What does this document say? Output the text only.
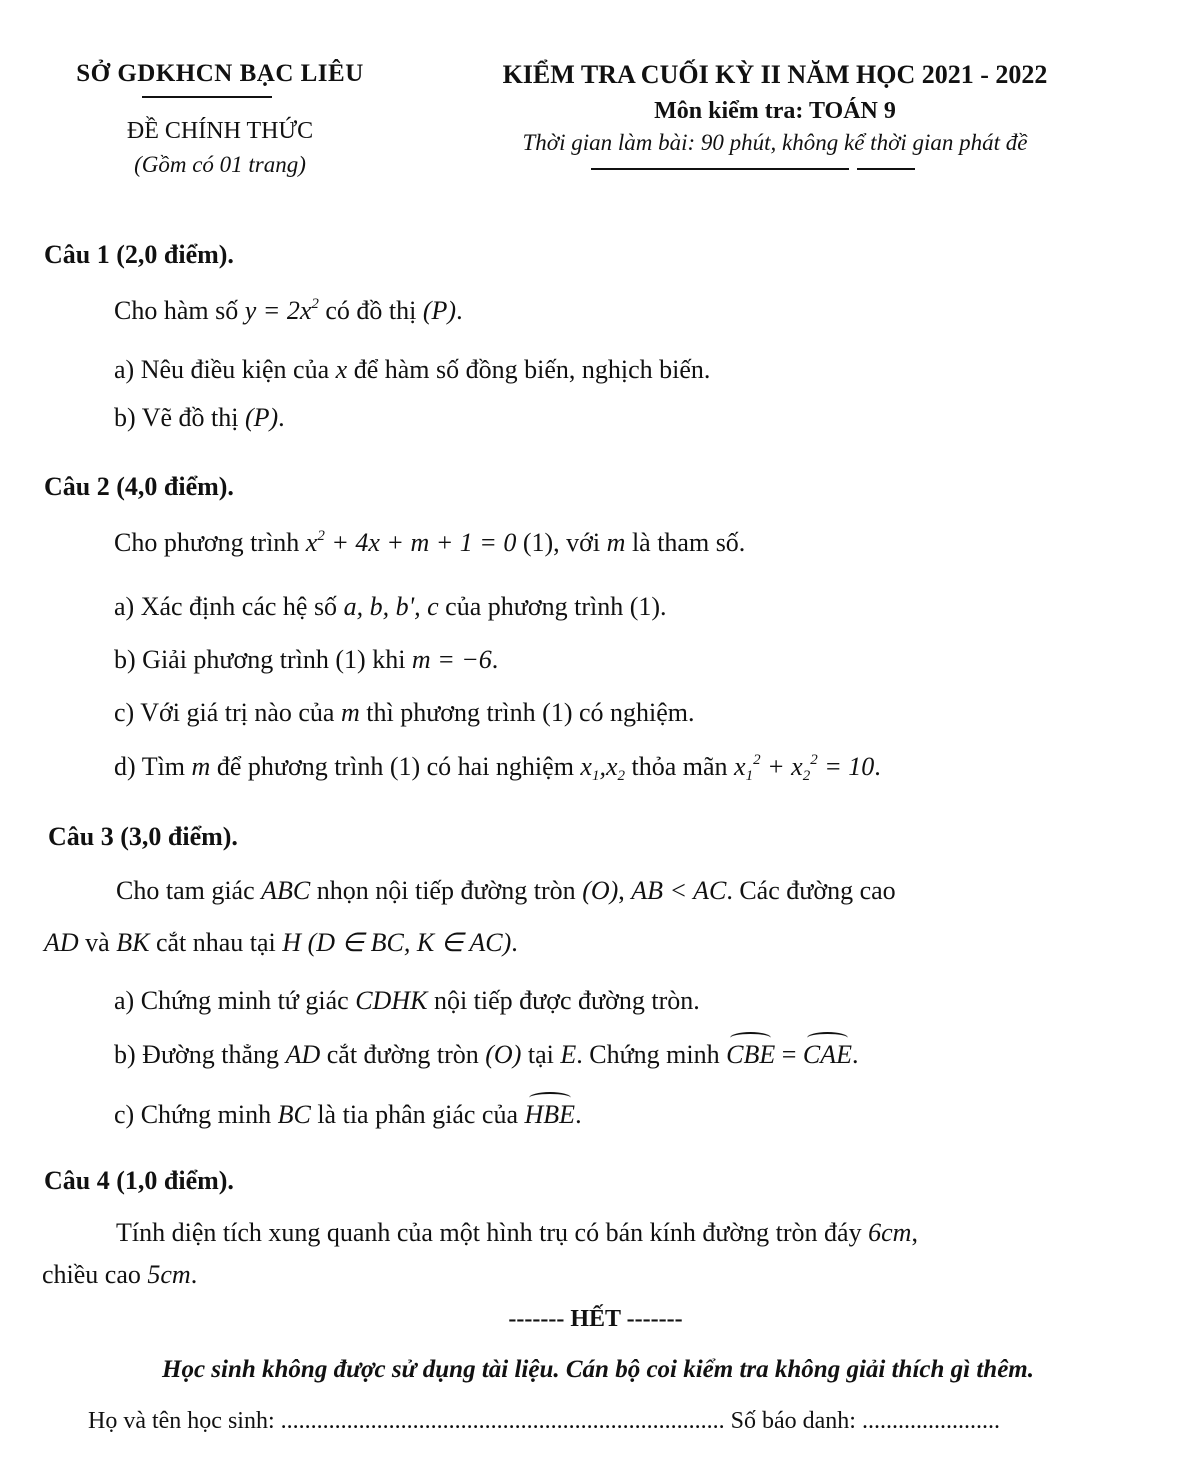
SỞ GDKHCN BẠC LIÊU
ĐỀ CHÍNH THỨC
(Gồm có 01 trang)
KIỂM TRA CUỐI KỲ II NĂM HỌC 2021 - 2022
Môn kiểm tra: TOÁN 9
Thời gian làm bài: 90 phút, không kể thời gian phát đề
Câu 1 (2,0 điểm).
Cho hàm số $y = 2x^2$ có đồ thị (P).
a) Nêu điều kiện của x để hàm số đồng biến, nghịch biến.
b) Vẽ đồ thị (P).
Câu 2 (4,0 điểm).
Cho phương trình $x^2 + 4x + m + 1 = 0$ (1), với m là tham số.
a) Xác định các hệ số a, b, b', c của phương trình (1).
b) Giải phương trình (1) khi m = −6.
c) Với giá trị nào của m thì phương trình (1) có nghiệm.
d) Tìm m để phương trình (1) có hai nghiệm $x_1,x_2$ thỏa mãn $x_1^2 + x_2^2 = 10$.
Câu 3 (3,0 điểm).
Cho tam giác ABC nhọn nội tiếp đường tròn (O), AB < AC. Các đường cao
AD và BK cắt nhau tại H (D ∈ BC, K ∈ AC).
a) Chứng minh tứ giác CDHK nội tiếp được đường tròn.
b) Đường thẳng AD cắt đường tròn (O) tại E. Chứng minh CBE = CAE.
c) Chứng minh BC là tia phân giác của HBE.
Câu 4 (1,0 điểm).
Tính diện tích xung quanh của một hình trụ có bán kính đường tròn đáy 6cm,
chiều cao 5cm.
------- HẾT -------
Học sinh không được sử dụng tài liệu. Cán bộ coi kiểm tra không giải thích gì thêm.
Họ và tên học sinh: .......................................................................... Số báo danh: .......................
